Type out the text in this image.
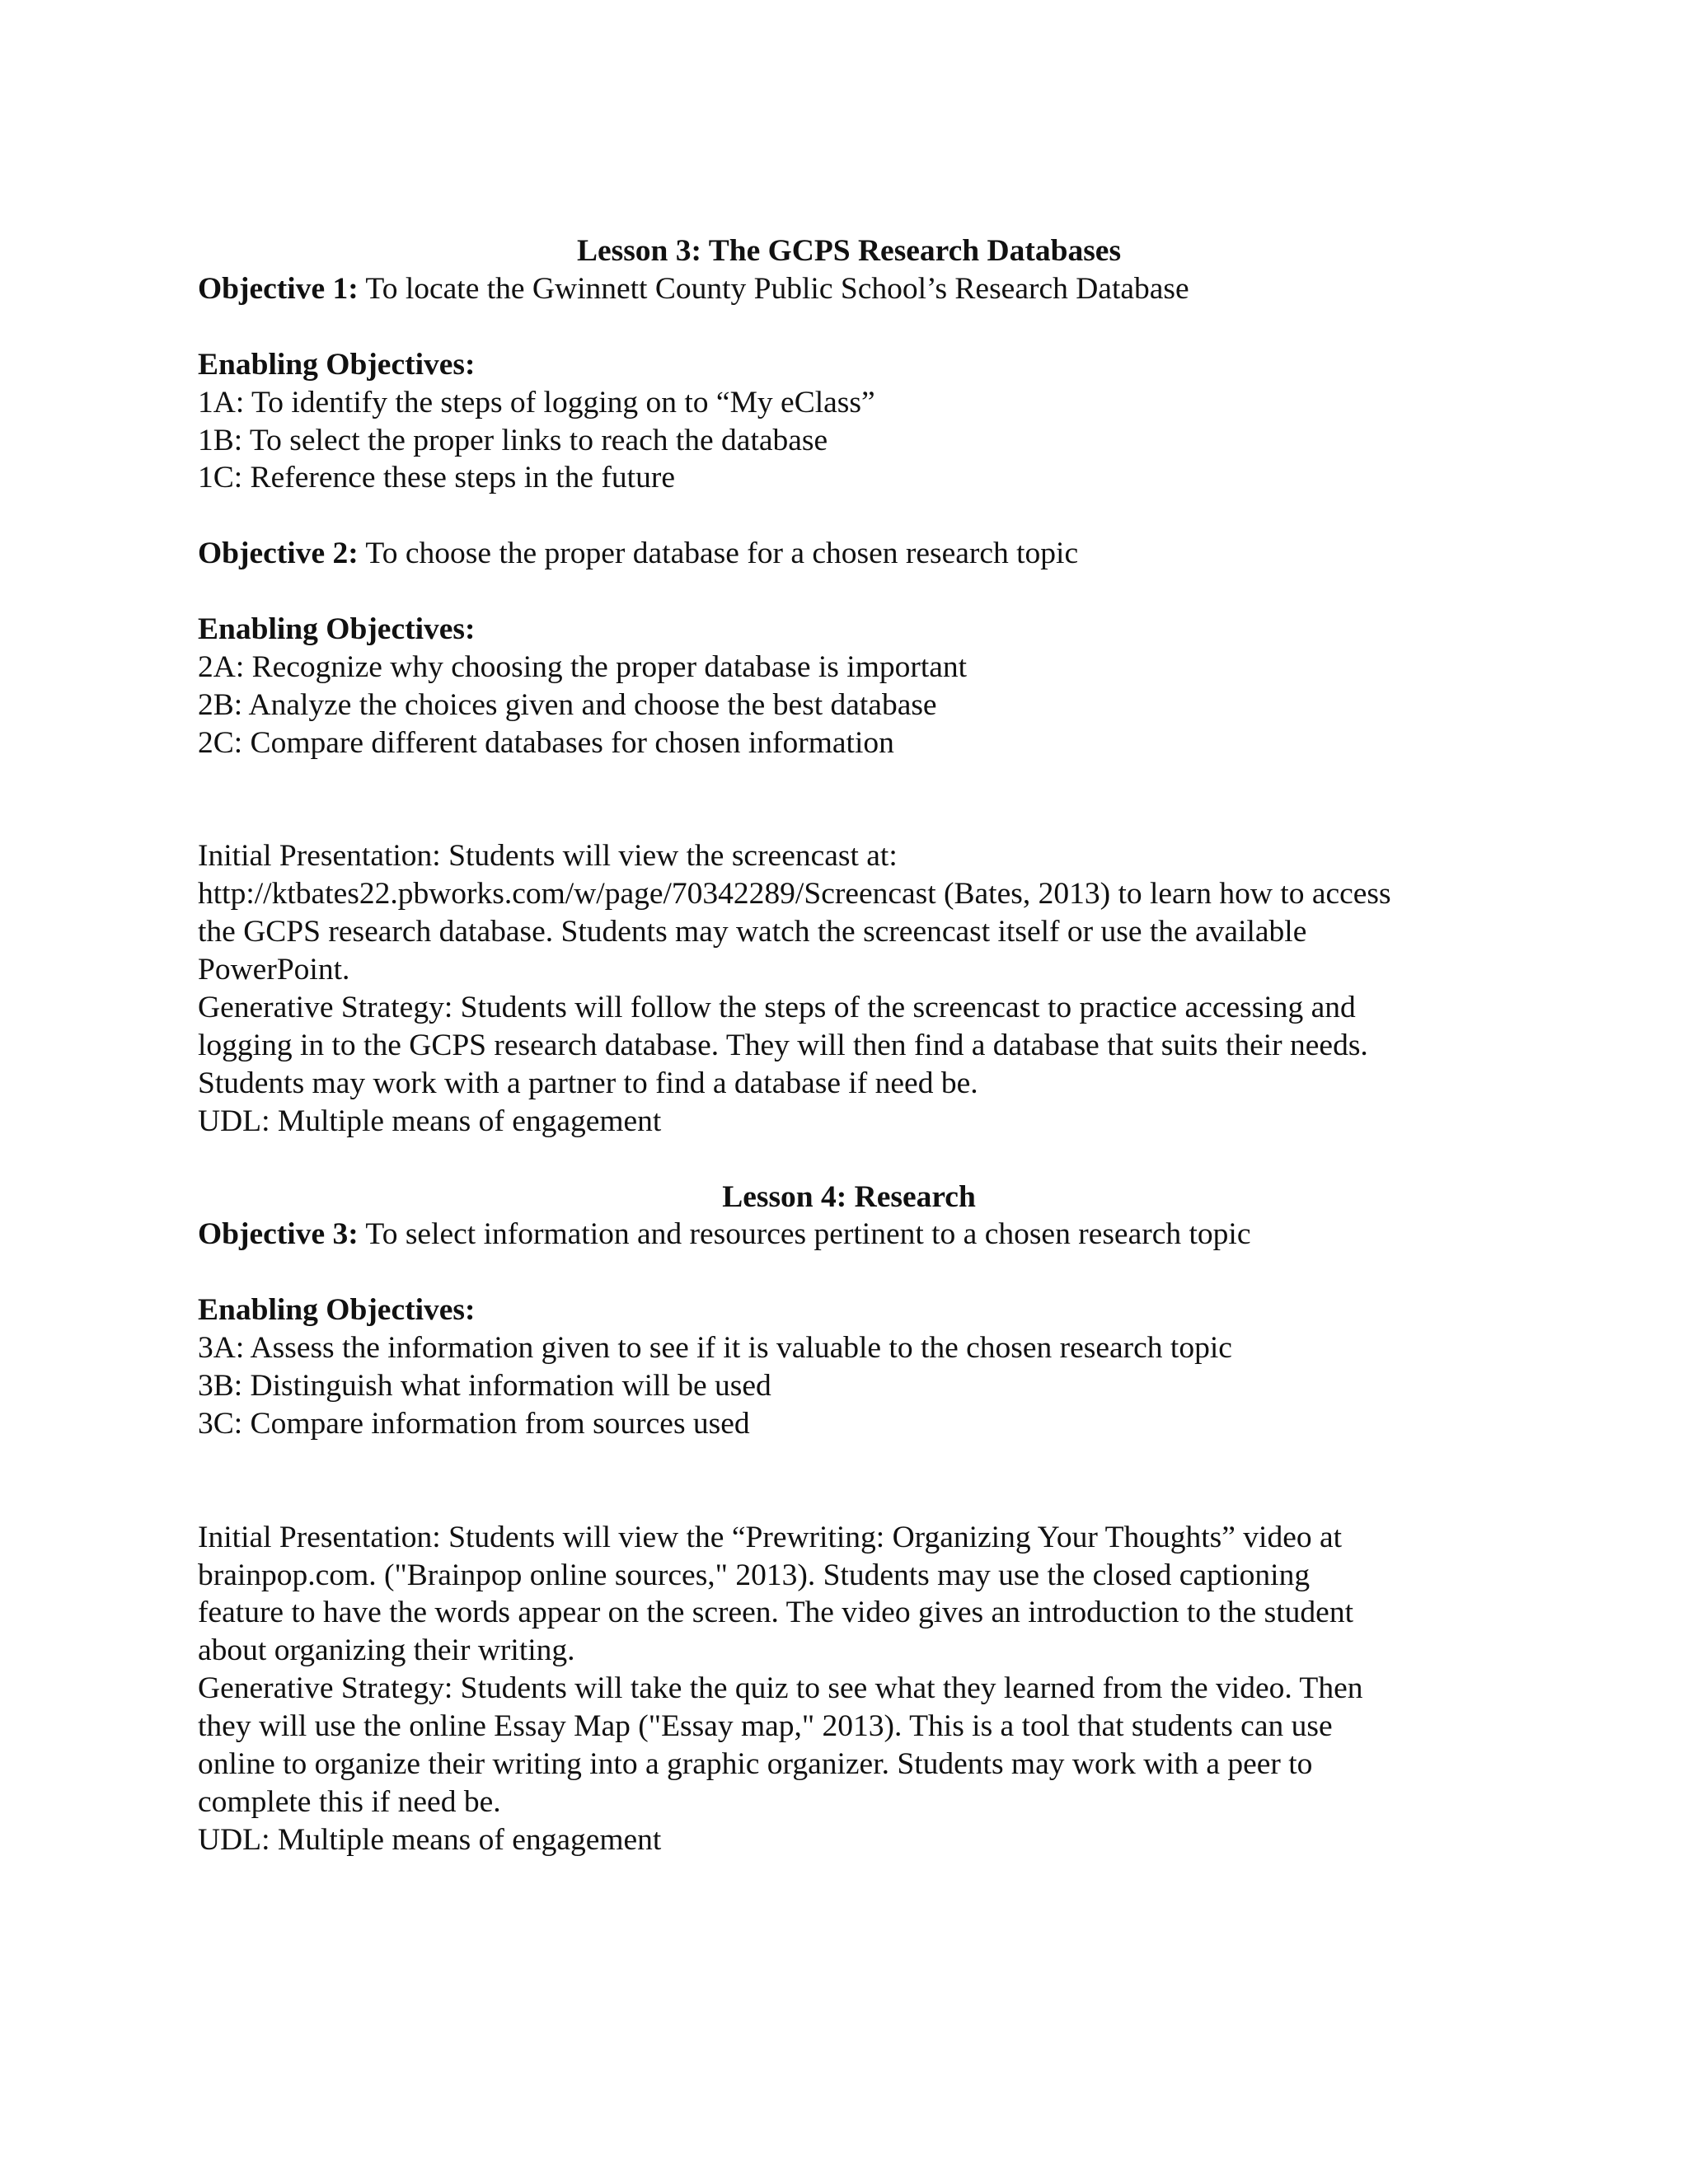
Lesson 3: The GCPS Research Databases
Objective 1: To locate the Gwinnett County Public School’s Research Database
Enabling Objectives:
1A: To identify the steps of logging on to “My eClass”
1B: To select the proper links to reach the database
1C: Reference these steps in the future
Objective 2: To choose the proper database for a chosen research topic
Enabling Objectives:
2A: Recognize why choosing the proper database is important
2B: Analyze the choices given and choose the best database
2C: Compare different databases for chosen information
Initial Presentation: Students will view the screencast at:
http://ktbates22.pbworks.com/w/page/70342289/Screencast (Bates, 2013) to learn how to access
the GCPS research database. Students may watch the screencast itself or use the available
PowerPoint.
Generative Strategy: Students will follow the steps of the screencast to practice accessing and
logging in to the GCPS research database. They will then find a database that suits their needs.
Students may work with a partner to find a database if need be.
UDL: Multiple means of engagement
Lesson 4: Research
Objective 3: To select information and resources pertinent to a chosen research topic
Enabling Objectives:
3A: Assess the information given to see if it is valuable to the chosen research topic
3B: Distinguish what information will be used
3C: Compare information from sources used
Initial Presentation: Students will view the “Prewriting: Organizing Your Thoughts” video at
brainpop.com. ("Brainpop online sources," 2013). Students may use the closed captioning
feature to have the words appear on the screen. The video gives an introduction to the student
about organizing their writing.
Generative Strategy: Students will take the quiz to see what they learned from the video. Then
they will use the online Essay Map ("Essay map," 2013). This is a tool that students can use
online to organize their writing into a graphic organizer. Students may work with a peer to
complete this if need be.
UDL: Multiple means of engagement
